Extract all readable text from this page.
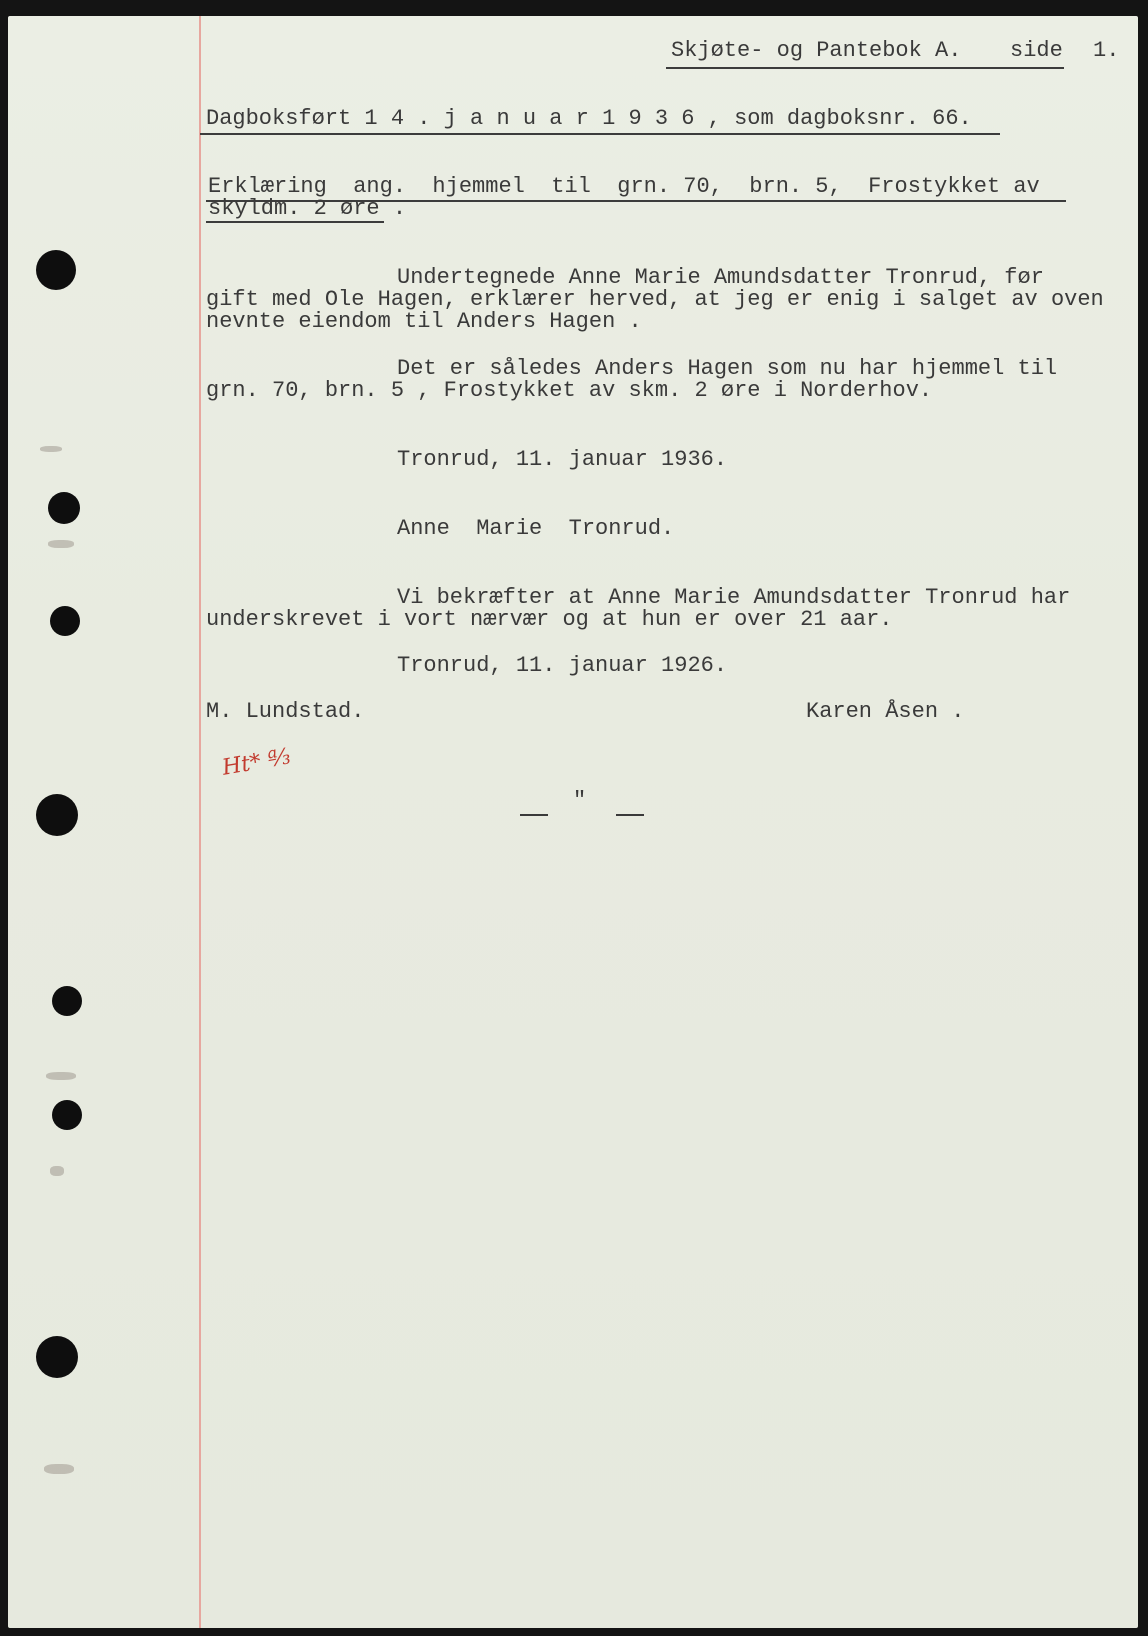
Skjøte- og Pantebok A. side 1.

Dagboksført 1 4 . j a n u a r 1 9 3 6 , som dagboksnr. 66.

Erklæring  ang.  hjemmel  til  grn. 70,  brn. 5,  Frostykket av

skyldm. 2 øre .

Undertegnede Anne Marie Amundsdatter Tronrud, før

gift med Ole Hagen, erklærer herved, at jeg er enig i salget av oven

nevnte eiendom til Anders Hagen .

Det er således Anders Hagen som nu har hjemmel til

grn. 70, brn. 5 , Frostykket av skm. 2 øre i Norderhov.

Tronrud, 11. januar 1936.

Anne  Marie  Tronrud.

Vi bekræfter at Anne Marie Amundsdatter Tronrud har

underskrevet i vort nærvær og at hun er over 21 aar.

Tronrud, 11. januar 1926.

M. Lundstad.	Karen Åsen .

Ht* ª⁄₃

"
